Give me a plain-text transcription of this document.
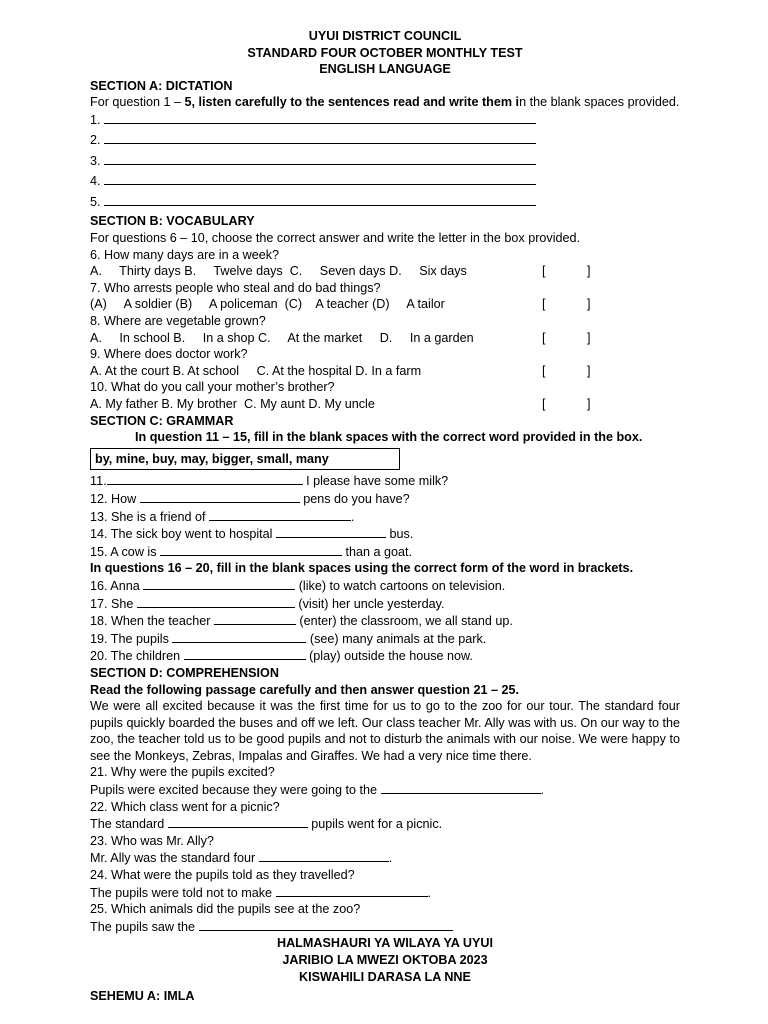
UYUI DISTRICT COUNCIL
STANDARD FOUR OCTOBER MONTHLY TEST
ENGLISH LANGUAGE
SECTION A: DICTATION
For question 1 – 5, listen carefully to the sentences read and write them in the blank spaces provided.
1.
2.
3.
4.
5.
SECTION B: VOCABULARY
For questions 6 – 10, choose the correct answer and write the letter in the box provided.
6. How many days are in a week?
A.     Thirty days B.     Twelve days  C.     Seven days D.     Six days	[	]
7. Who arrests people who steal and do bad things?
(A)     A soldier (B)     A policeman  (C)    A teacher (D)     A tailor	[	]
8. Where are vegetable grown?
A.     In school B.     In a shop C.     At the market     D.     In a garden	[	]
9. Where does doctor work?
A. At the court B. At school     C. At the hospital D. In a farm	[	]
10. What do you call your mother’s brother?
A. My father B. My brother  C. My aunt D. My uncle	[	]
SECTION C: GRAMMAR
In question 11 – 15, fill in the blank spaces with the correct word provided in the box.
by, mine, buy, may, bigger, small, many
11.	I please have some milk?
12. How	pens do you have?
13. She is a friend of	.
14. The sick boy went to hospital	bus.
15. A cow is	than a goat.
In questions 16 – 20, fill in the blank spaces using the correct form of the word in brackets.
16. Anna	(like) to watch cartoons on television.
17. She	(visit) her uncle yesterday.
18. When the teacher	(enter) the classroom, we all stand up.
19. The pupils	(see) many animals at the park.
20. The children	(play) outside the house now.
SECTION D: COMPREHENSION
Read the following passage carefully and then answer question 21 – 25.
We were all excited because it was the first time for us to go to the zoo for our tour. The standard four pupils quickly boarded the buses and off we left. Our class teacher Mr. Ally was with us. On our way to the zoo, the teacher told us to be good pupils and not to disturb the animals with our noise. We were happy to see the Monkeys, Zebras, Impalas and Giraffes. We had a very nice time there.
21. Why were the pupils excited?
Pupils were excited because they were going to the	.
22. Which class went for a picnic?
The standard	pupils went for a picnic.
23. Who was Mr. Ally?
Mr. Ally was the standard four	.
24. What were the pupils told as they travelled?
The pupils were told not to make	.
25. Which animals did the pupils see at the zoo?
The pupils saw the
HALMASHAURI YA WILAYA YA UYUI
JARIBIO LA MWEZI OKTOBA 2023
KISWAHILI DARASA LA NNE
SEHEMU A: IMLA
